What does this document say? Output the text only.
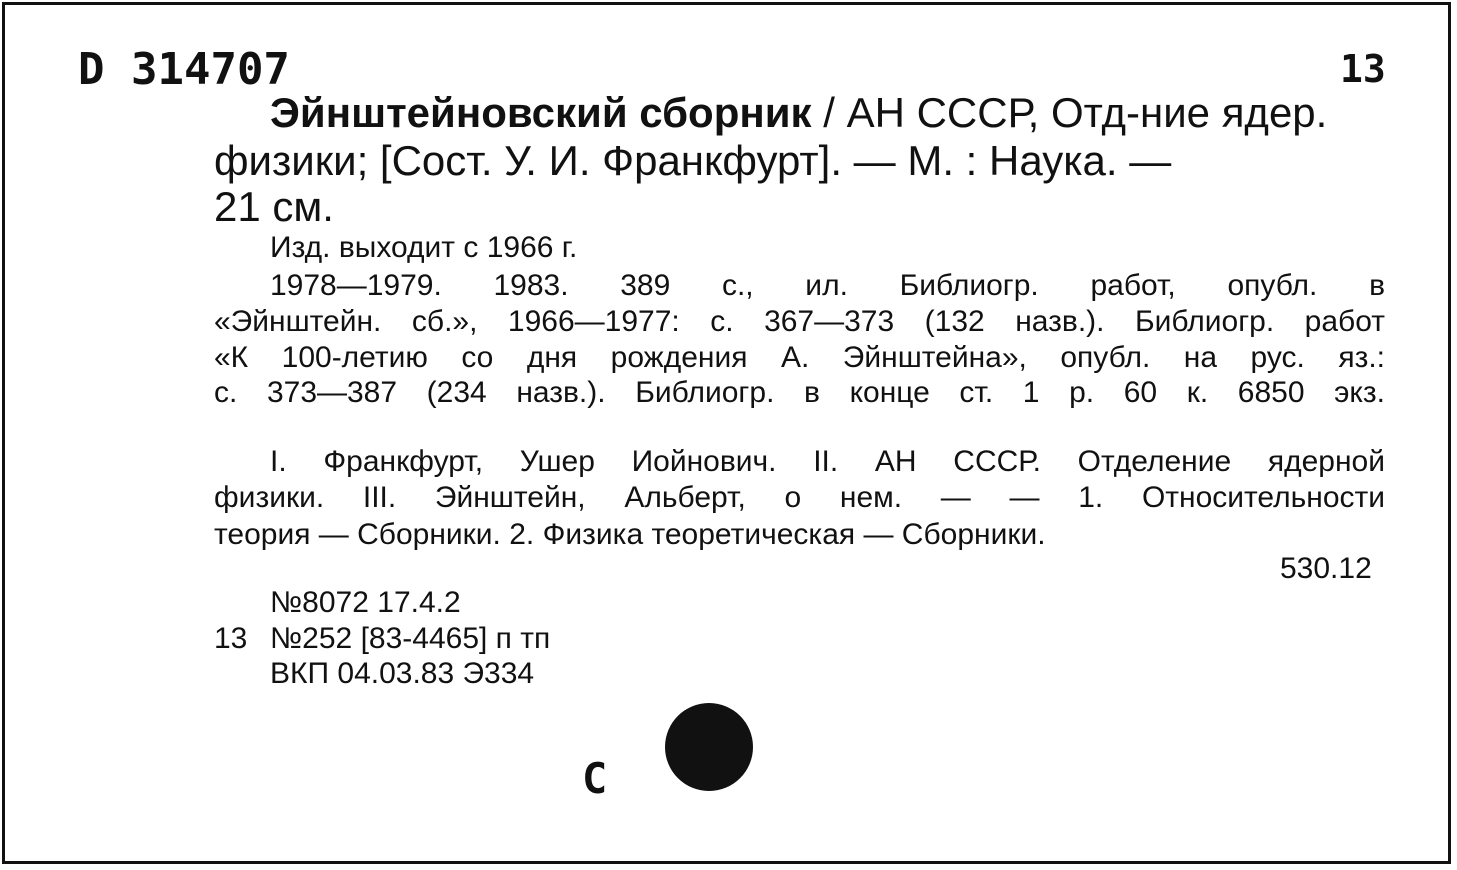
D 314707	13
Эйнштейновский сборник / АН СССР, Отд-ние ядер.
физики; [Сост. У. И. Франкфурт]. — М. : Наука. —
21 см.
Изд. выходит с 1966 г.
1978—1979. 1983. 389 с., ил. Библиогр. работ, опубл. в
«Эйнштейн. сб.», 1966—1977: с. 367—373 (132 назв.). Библиогр. работ
«К 100-летию со дня рождения А. Эйнштейна», опубл. на рус. яз.:
с. 373—387 (234 назв.). Библиогр. в конце ст. 1 р. 60 к. 6850 экз.
I. Франкфурт, Ушер Иойнович. II. АН СССР. Отделение ядерной
физики. III. Эйнштейн, Альберт, о нем. — — 1. Относительности
теория — Сборники. 2. Физика теоретическая — Сборники.
530.12
№8072 17.4.2
13 №252 [83-4465] п тп
ВКП 04.03.83 Э334
С
